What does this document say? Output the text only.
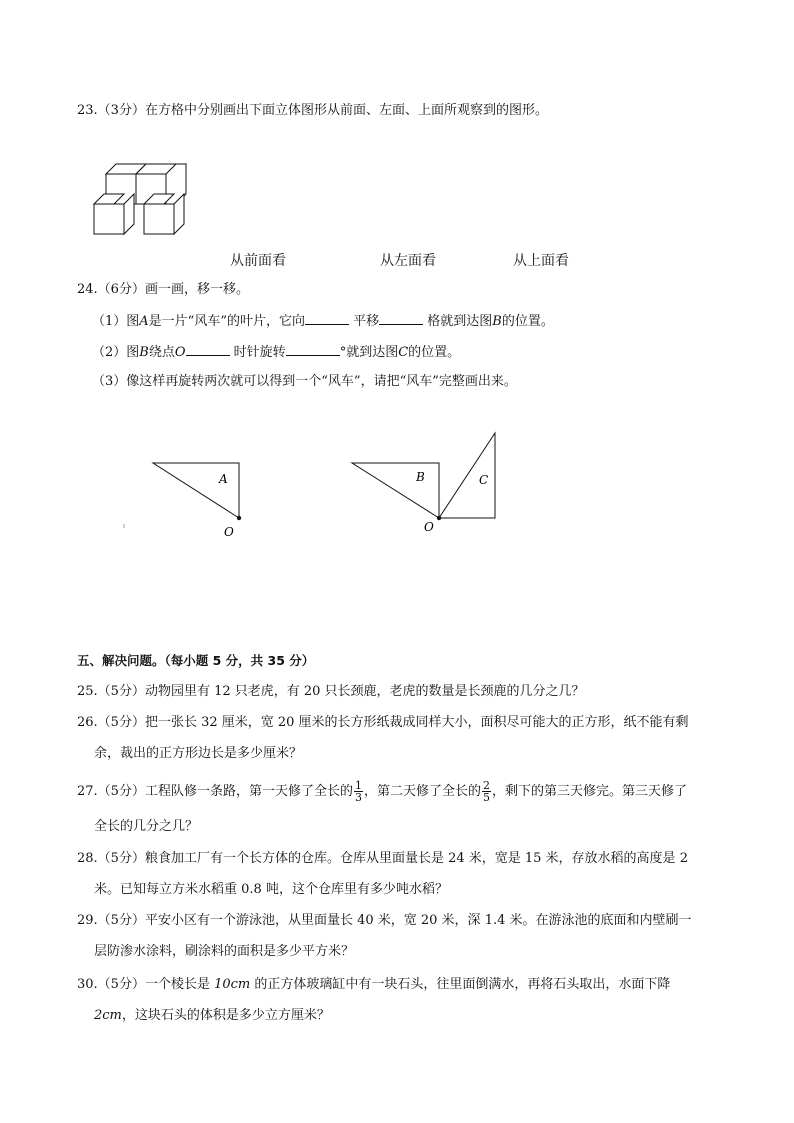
23.（3分）在方格中分别画出下面立体图形从前面、左面、上面所观察到的图形。
从前面看	从左面看	从上面看
24.（6分）画一画，移一移。
（1）图A是一片“风车”的叶片，它向	平移	格就到达图B的位置。
（2）图B绕点O	时针旋转	°就到达图C的位置。
（3）像这样再旋转两次就可以得到一个“风车”，请把“风车”完整画出来。
A	B	C
O	O
五、解决问题。（每小题 5 分，共 35 分）
25.（5分）动物园里有 12 只老虎，有 20 只长颈鹿，老虎的数量是长颈鹿的几分之几？
26.（5分）把一张长 32 厘米，宽 20 厘米的长方形纸裁成同样大小，面积尽可能大的正方形，纸不能有剩
余，裁出的正方形边长是多少厘米？
27.（5分）工程队修一条路，第一天修了全长的 $\frac{1}{3}$ ，第二天修了全长的 $\frac{2}{5}$ ，剩下的第三天修完。第三天修了
全长的几分之几？
28.（5分）粮食加工厂有一个长方体的仓库。仓库从里面量长是 24 米，宽是 15 米，存放水稻的高度是 2
米。已知每立方米水稻重 0.8 吨，这个仓库里有多少吨水稻？
29.（5分）平安小区有一个游泳池，从里面量长 40 米，宽 20 米，深 1.4 米。在游泳池的底面和内壁刷一
层防渗水涂料，刷涂料的面积是多少平方米？
30.（5分）一个棱长是 10cm 的正方体玻璃缸中有一块石头，往里面倒满水，再将石头取出，水面下降
2cm，这块石头的体积是多少立方厘米？
